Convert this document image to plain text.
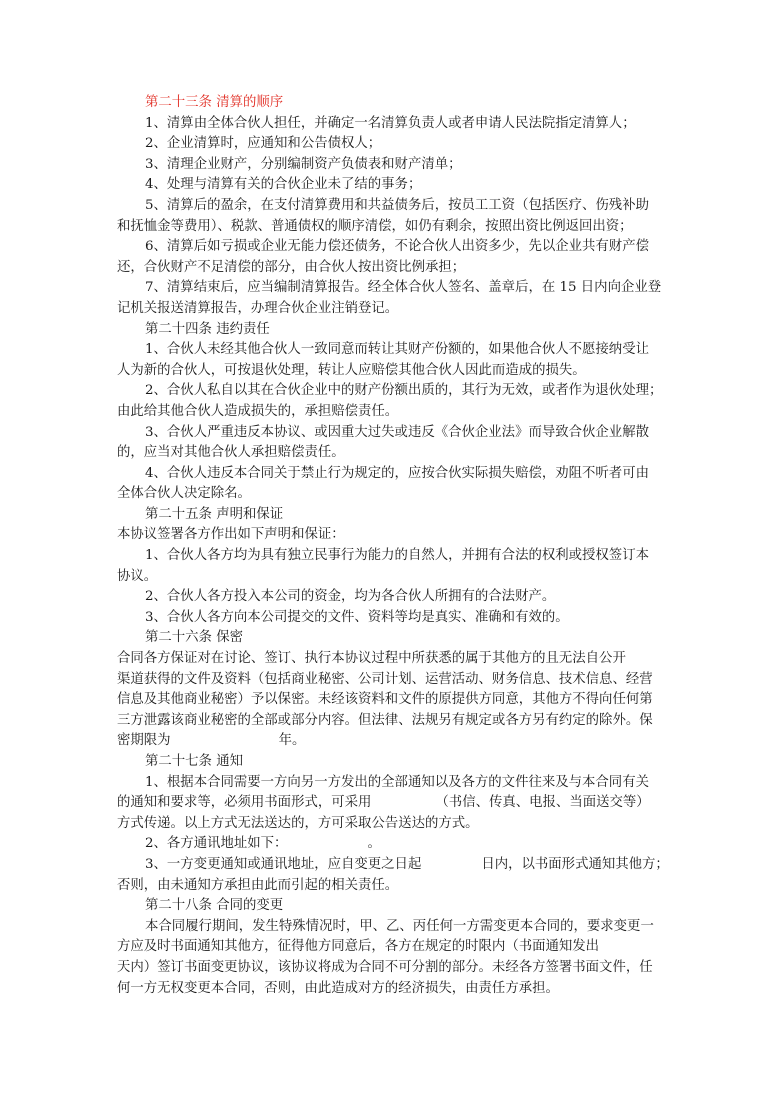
第二十三条 清算的顺序
1、清算由全体合伙人担任，并确定一名清算负责人或者申请人民法院指定清算人；
2、企业清算时，应通知和公告债权人；
3、清理企业财产，分别编制资产负债表和财产清单；
4、处理与清算有关的合伙企业未了结的事务；
5、清算后的盈余，在支付清算费用和共益债务后，按员工工资（包括医疗、伤残补助
和抚恤金等费用）、税款、普通债权的顺序清偿，如仍有剩余，按照出资比例返回出资；
6、清算后如亏损或企业无能力偿还债务，不论合伙人出资多少，先以企业共有财产偿
还，合伙财产不足清偿的部分，由合伙人按出资比例承担；
7、清算结束后，应当编制清算报告。经全体合伙人签名、盖章后，在 15 日内向企业登
记机关报送清算报告，办理合伙企业注销登记。
第二十四条 违约责任
1、合伙人未经其他合伙人一致同意而转让其财产份额的，如果他合伙人不愿接纳受让
人为新的合伙人，可按退伙处理，转让人应赔偿其他合伙人因此而造成的损失。
2、合伙人私自以其在合伙企业中的财产份额出质的，其行为无效，或者作为退伙处理；
由此给其他合伙人造成损失的，承担赔偿责任。
3、合伙人严重违反本协议、或因重大过失或违反《合伙企业法》而导致合伙企业解散
的，应当对其他合伙人承担赔偿责任。
4、合伙人违反本合同关于禁止行为规定的，应按合伙实际损失赔偿，劝阻不听者可由
全体合伙人决定除名。
第二十五条 声明和保证
本协议签署各方作出如下声明和保证：
1、合伙人各方均为具有独立民事行为能力的自然人，并拥有合法的权利或授权签订本
协议。
2、合伙人各方投入本公司的资金，均为各合伙人所拥有的合法财产。
3、合伙人各方向本公司提交的文件、资料等均是真实、准确和有效的。
第二十六条 保密
合同各方保证对在讨论、签订、执行本协议过程中所获悉的属于其他方的且无法自公开
渠道获得的文件及资料（包括商业秘密、公司计划、运营活动、财务信息、技术信息、经营
信息及其他商业秘密）予以保密。未经该资料和文件的原提供方同意，其他方不得向任何第
三方泄露该商业秘密的全部或部分内容。但法律、法规另有规定或各方另有约定的除外。保
密期限为	年。
第二十七条 通知
1、根据本合同需要一方向另一方发出的全部通知以及各方的文件往来及与本合同有关
的通知和要求等，必须用书面形式，可采用	（书信、传真、电报、当面送交等）
方式传递。以上方式无法送达的，方可采取公告送达的方式。
2、各方通讯地址如下：	。
3、一方变更通知或通讯地址，应自变更之日起	日内，以书面形式通知其他方；
否则，由未通知方承担由此而引起的相关责任。
第二十八条 合同的变更
本合同履行期间，发生特殊情况时，甲、乙、丙任何一方需变更本合同的，要求变更一
方应及时书面通知其他方，征得他方同意后，各方在规定的时限内（书面通知发出
天内）签订书面变更协议，该协议将成为合同不可分割的部分。未经各方签署书面文件，任
何一方无权变更本合同，否则，由此造成对方的经济损失，由责任方承担。
